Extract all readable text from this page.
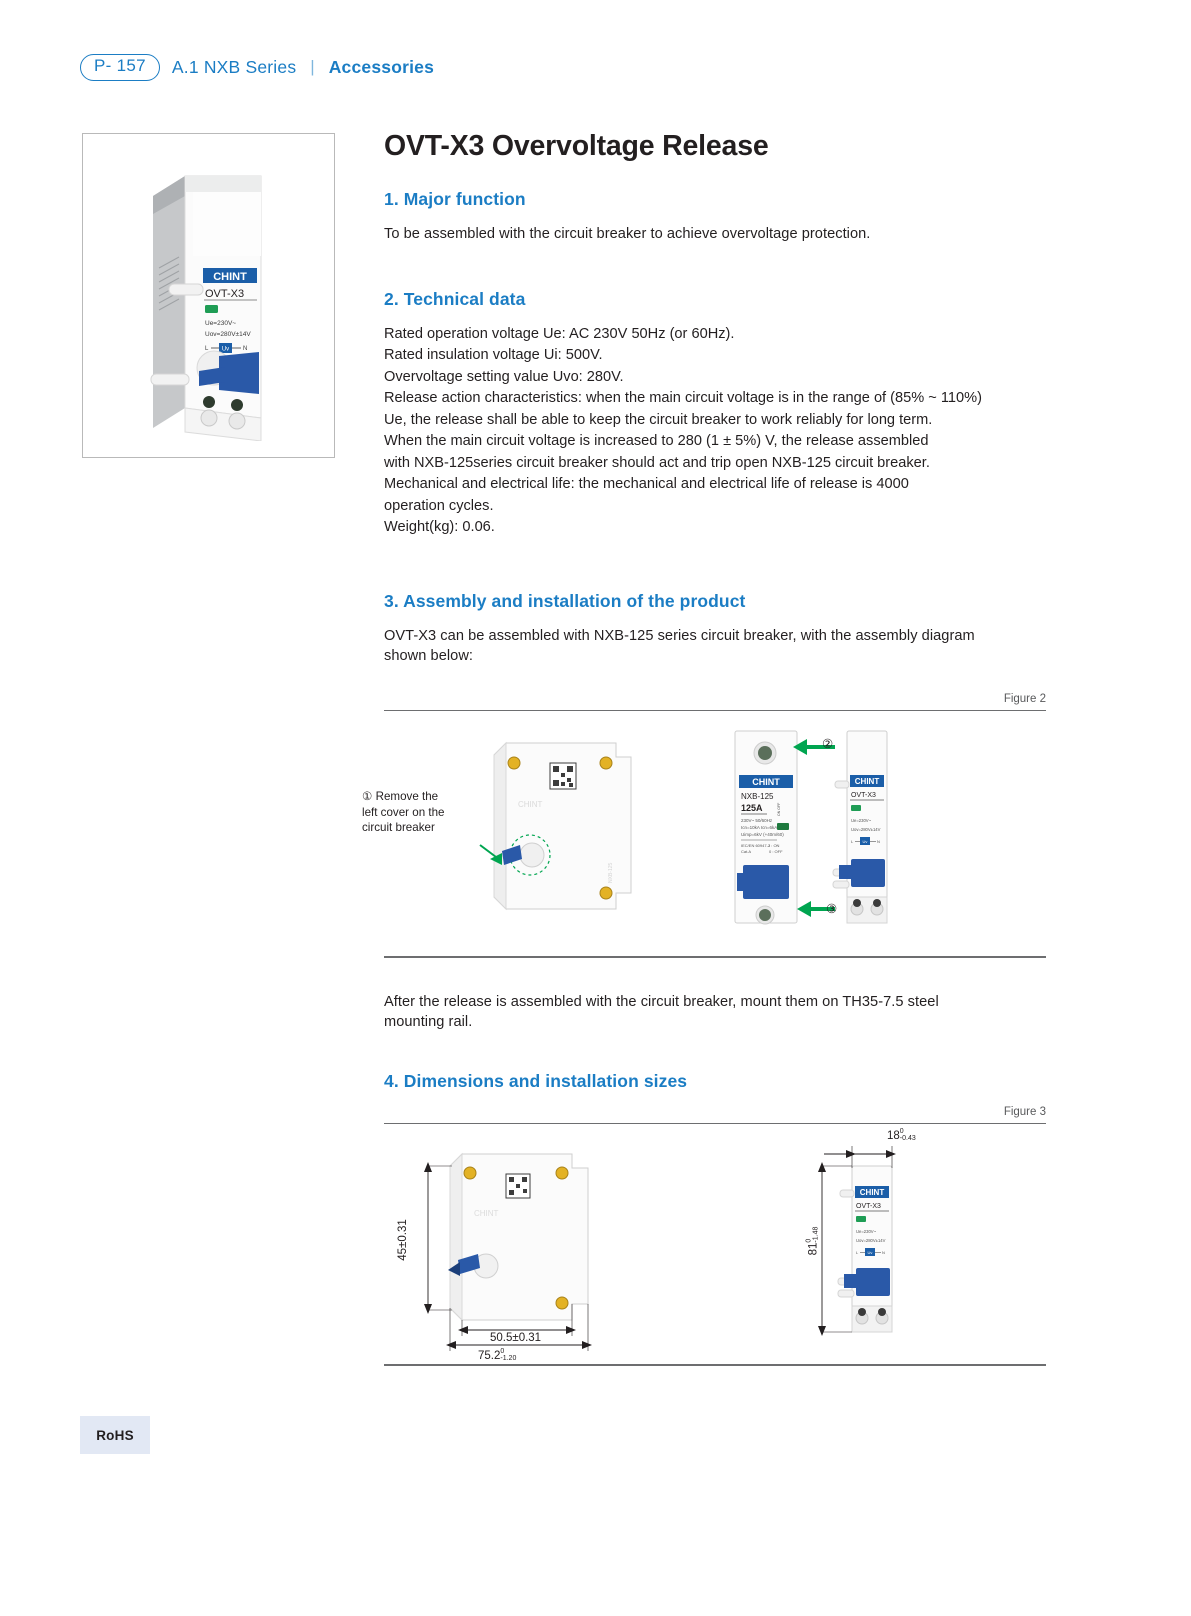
P- 157	A.1 NXB Series | Accessories
CHINT
OVT-X3
Ue=230V~
Uov=280V±14V
L Uv N
OVT-X3 Overvoltage Release
1. Major function

To be assembled with the circuit breaker to achieve overvoltage protection.

2. Technical data
Rated operation voltage Ue: AC 230V 50Hz (or 60Hz).
Rated insulation voltage Ui: 500V.
Overvoltage setting value Uvo: 280V.
Release action characteristics: when the main circuit voltage is in the range of (85% ~ 110%)
Ue, the release shall be able to keep the circuit breaker to work reliably for long term.
When the main circuit voltage is increased to 280 (1 ± 5%) V, the release assembled
with NXB-125series circuit breaker should act and trip open NXB-125 circuit breaker.
Mechanical and electrical life: the mechanical and electrical life of release is 4000
operation cycles.
Weight(kg): 0.06.
3. Assembly and installation of the product

OVT-X3 can be assembled with NXB-125 series circuit breaker, with the assembly diagram shown below:

Figure 2
① Remove the left cover on the circuit breaker
CHINT
NXB-125
CHINT
NXB-125
125A
230V~ 50/60Hz
Icn=10kA Icn=6kA
Uimp=6kV (+40m/60)
IEC/EN 60947-2
Cat.A
I : ON
0 : OFF
ON OFF
CHINT
OVT-X3
Ue=230V~
Uov=280V±14V
L Uv N
②
③

After the release is assembled with the circuit breaker, mount them on TH35-7.5 steel mounting rail.

4. Dimensions and installation sizes
Figure 3
CHINT
45±0.31
50.5±0.31
75.2 0
-1.20
CHINT
OVT-X3
Ue=230V~
Uov=280V±14V
L Uv N
18 0
-0.43
81
0 -1.48
RoHS
